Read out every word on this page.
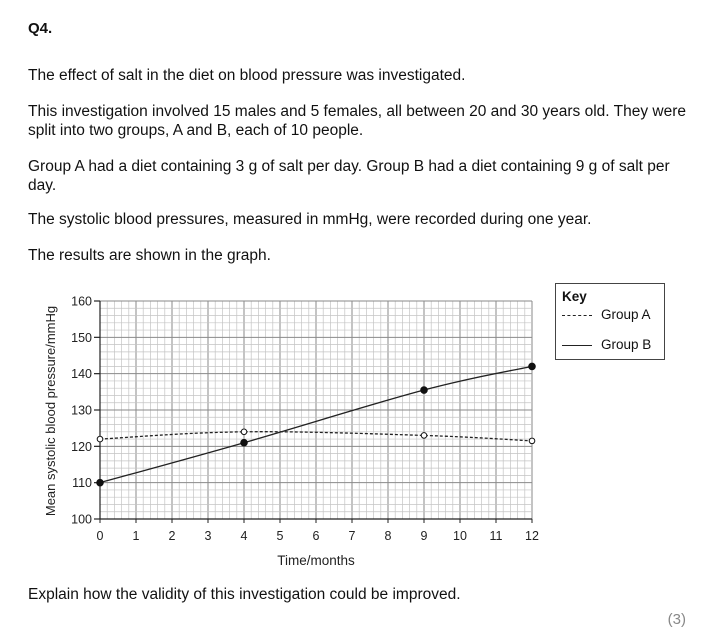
Q4.

The effect of salt in the diet on blood pressure was investigated.

This investigation involved 15 males and 5 females, all between 20 and 30 years old. They were split into two groups, A and B, each of 10 people.

Group A had a diet containing 3 g of salt per day. Group B had a diet containing 9 g of salt per day.

The systolic blood pressures, measured in mmHg, were recorded during one year.

The results are shown in the graph.

100
110
120
130
140
150
160
0 1 2 3 4 5 6 7 8 9 10 11 12
Mean systolic blood pressure/mmHg
Time/months
Key
Group A
Group B

Explain how the validity of this investigation could be improved.

(3)
